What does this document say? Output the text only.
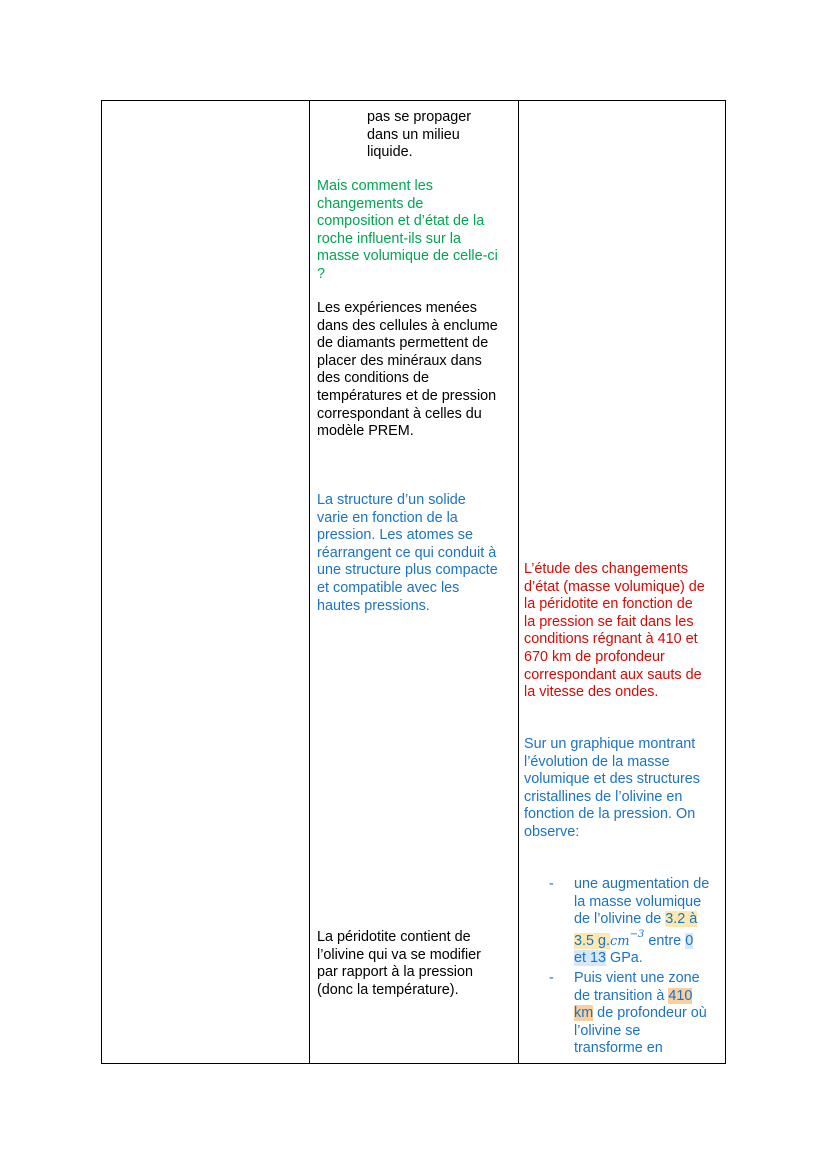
pas se propager
dans un milieu
liquide.
Mais comment les
changements de
composition et d’état de la
roche influent-ils sur la
masse volumique de celle-ci
?
Les expériences menées
dans des cellules à enclume
de diamants permettent de
placer des minéraux dans
des conditions de
températures et de pression
correspondant à celles du
modèle PREM.
La structure d’un solide
varie en fonction de la
pression. Les atomes se
réarrangent ce qui conduit à
une structure plus compacte
et compatible avec les
hautes pressions.
La péridotite contient de
l’olivine qui va se modifier
par rapport à la pression
(donc la température).
L’étude des changements
d’état (masse volumique) de
la péridotite en fonction de
la pression se fait dans les
conditions régnant à 410 et
670 km de profondeur
correspondant aux sauts de
la vitesse des ondes.
Sur un graphique montrant
l’évolution de la masse
volumique et des structures
cristallines de l’olivine en
fonction de la pression. On
observe:
-	une augmentation de
la masse volumique
de l’olivine de 3.2 à
3.5 $g.cm^{-3}$ entre 0
et 13 GPa.
-	Puis vient une zone
de transition à 410
km de profondeur où
l’olivine se
transforme en
